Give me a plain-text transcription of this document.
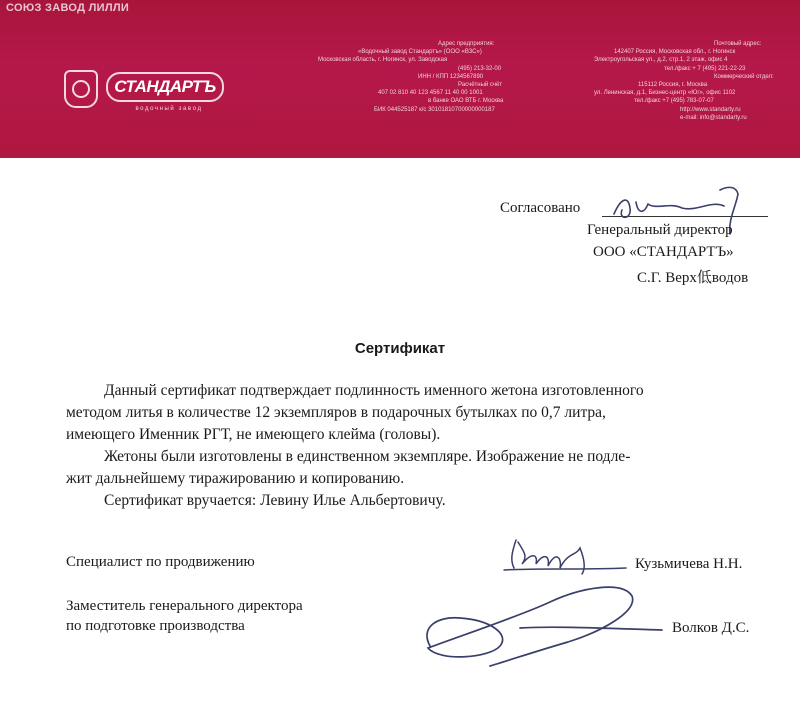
СОЮЗ ЗАВОД ЛИЛЛИ
СТАНДАРТЪ
водочный завод
Адрес предприятия:
«Водочный завод Стандартъ» (ООО «ВЗС»)
Московская область, г. Ногинск, ул. Заводская
(495) 213-32-00
ИНН / КПП 1234567890
Расчётный счёт
407 02 810 40 123 4567 11 40 00 1001
в банке ОАО ВТБ г. Москва
БИК 044525187 к/с 30101810700000000187
Почтовый адрес:
142407 Россия, Московская обл., г. Ногинск
Электроугольская ул., д.2, стр.1, 2 этаж, офис 4
тел./факс + 7 (495) 221-22-23
Коммерческий отдел:
115112 Россия, г. Москва
ул. Ленинская, д.1, Бизнес-центр «Юг», офис 1102
тел./факс +7 (495) 783-07-07
http://www.standarty.ru
e-mail: info@standarty.ru
Согласовано
Генеральный директор
ООО «СТАНДАРТЪ»
С.Г. Верх低водов
Сертификат
Данный сертификат подтверждает подлинность именного жетона изготовленного
методом литья в количестве 12 экземпляров в подарочных бутылках по 0,7 литра,
имеющего Именник РГТ, не имеющего клейма (головы).
Жетоны были изготовлены в единственном экземпляре. Изображение не подле-
жит дальнейшему тиражированию и копированию.
Сертификат вручается: Левину Илье Альбертовичу.
Специалист по продвижению	Кузьмичева Н.Н.
Заместитель генерального директора
по подготовке производства	Волков Д.С.
